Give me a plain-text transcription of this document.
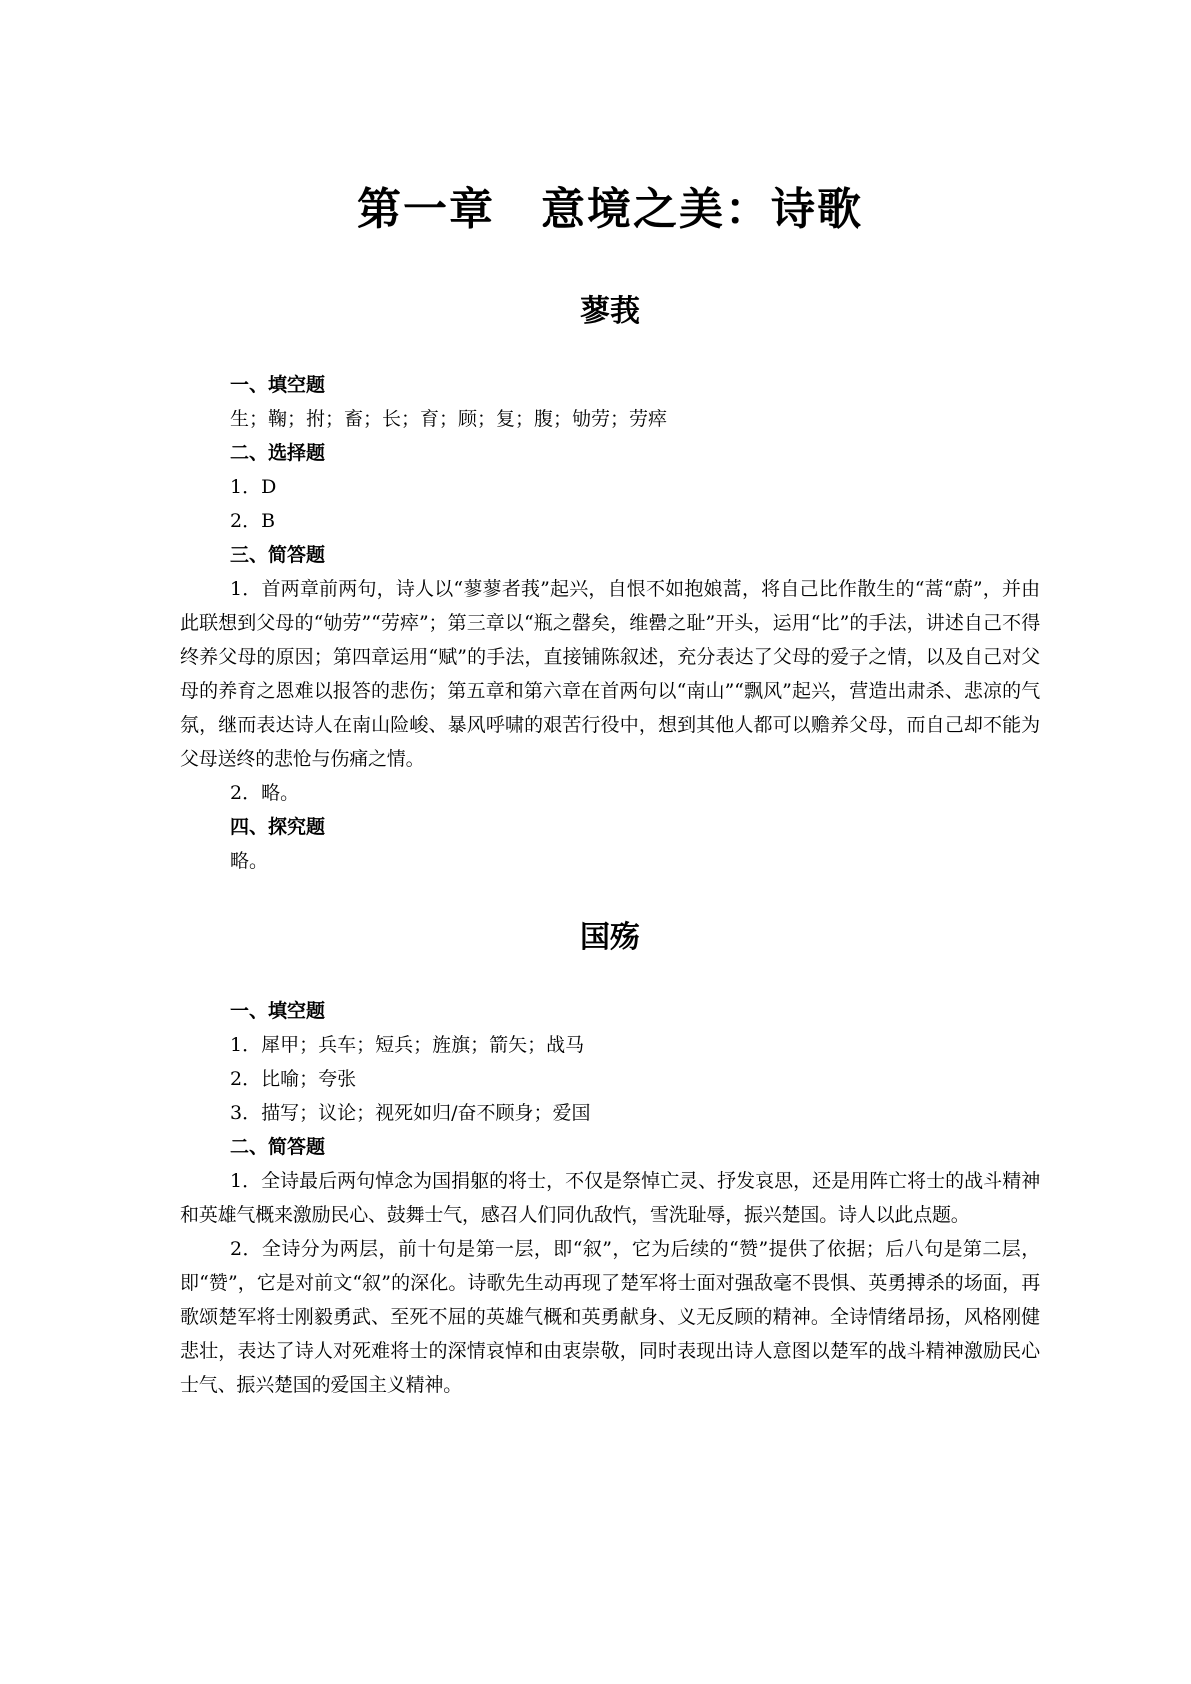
第一章 意境之美：诗歌
蓼莪

一、填空题

生；鞠；拊；畜；长；育；顾；复；腹；劬劳；劳瘁

二、选择题

1．D

2．B

三、简答题

1．首两章前两句，诗人以“蓼蓼者莪”起兴，自恨不如抱娘蒿，将自己比作散生的“蒿“蔚”，并由此联想到父母的“劬劳”“劳瘁”；第三章以“瓶之罄矣，维罍之耻”开头，运用“比”的手法，讲述自己不得终养父母的原因；第四章运用“赋”的手法，直接铺陈叙述，充分表达了父母的爱子之情，以及自己对父母的养育之恩难以报答的悲伤；第五章和第六章在首两句以“南山”“飘风”起兴，营造出肃杀、悲凉的气氛，继而表达诗人在南山险峻、暴风呼啸的艰苦行役中，想到其他人都可以赡养父母，而自己却不能为父母送终的悲怆与伤痛之情。

2．略。

四、探究题

略。

国殇

一、填空题

1．犀甲；兵车；短兵；旌旗；箭矢；战马

2．比喻；夸张

3．描写；议论；视死如归/奋不顾身；爱国

二、简答题

1．全诗最后两句悼念为国捐躯的将士，不仅是祭悼亡灵、抒发哀思，还是用阵亡将士的战斗精神和英雄气概来激励民心、鼓舞士气，感召人们同仇敌忾，雪洗耻辱，振兴楚国。诗人以此点题。

2．全诗分为两层，前十句是第一层，即“叙”，它为后续的“赞”提供了依据；后八句是第二层，即“赞”，它是对前文“叙”的深化。诗歌先生动再现了楚军将士面对强敌毫不畏惧、英勇搏杀的场面，再歌颂楚军将士刚毅勇武、至死不屈的英雄气概和英勇献身、义无反顾的精神。全诗情绪昂扬，风格刚健悲壮，表达了诗人对死难将士的深情哀悼和由衷崇敬，同时表现出诗人意图以楚军的战斗精神激励民心士气、振兴楚国的爱国主义精神。
